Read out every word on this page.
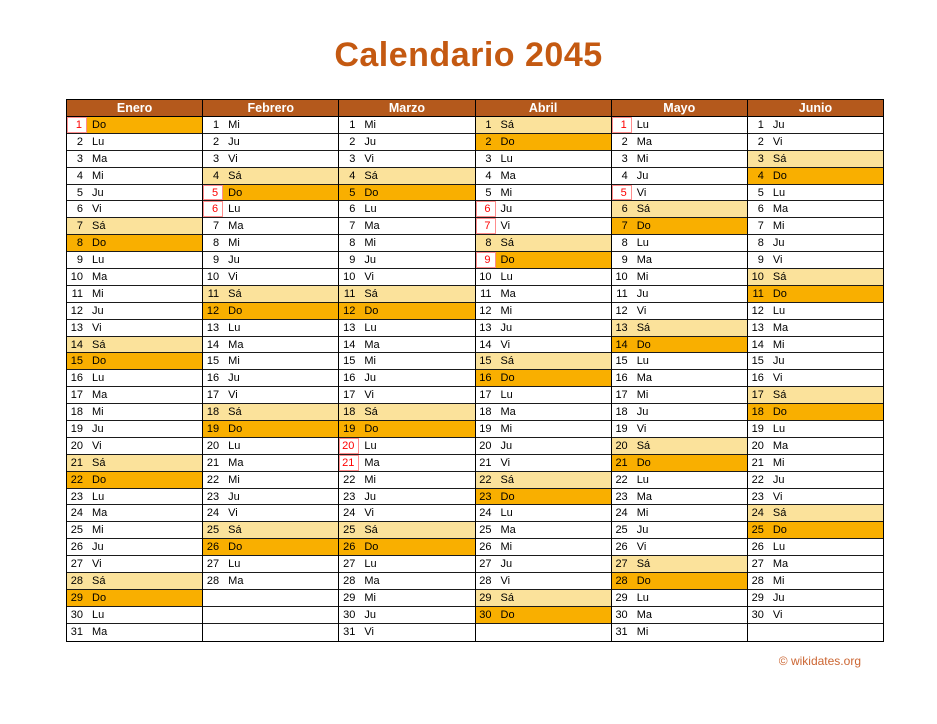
Calendario 2045
Enero
1 Do
2 Lu
3 Ma
4 Mi
5 Ju
6 Vi
7 Sá
8 Do
9 Lu
10 Ma
11 Mi
12 Ju
13 Vi
14 Sá
15 Do
16 Lu
17 Ma
18 Mi
19 Ju
20 Vi
21 Sá
22 Do
23 Lu
24 Ma
25 Mi
26 Ju
27 Vi
28 Sá
29 Do
30 Lu
31 Ma
Febrero
1 Mi
2 Ju
3 Vi
4 Sá
5 Do
6 Lu
7 Ma
8 Mi
9 Ju
10 Vi
11 Sá
12 Do
13 Lu
14 Ma
15 Mi
16 Ju
17 Vi
18 Sá
19 Do
20 Lu
21 Ma
22 Mi
23 Ju
24 Vi
25 Sá
26 Do
27 Lu
28 Ma
Marzo
1 Mi
2 Ju
3 Vi
4 Sá
5 Do
6 Lu
7 Ma
8 Mi
9 Ju
10 Vi
11 Sá
12 Do
13 Lu
14 Ma
15 Mi
16 Ju
17 Vi
18 Sá
19 Do
20 Lu
21 Ma
22 Mi
23 Ju
24 Vi
25 Sá
26 Do
27 Lu
28 Ma
29 Mi
30 Ju
31 Vi
Abril
1 Sá
2 Do
3 Lu
4 Ma
5 Mi
6 Ju
7 Vi
8 Sá
9 Do
10 Lu
11 Ma
12 Mi
13 Ju
14 Vi
15 Sá
16 Do
17 Lu
18 Ma
19 Mi
20 Ju
21 Vi
22 Sá
23 Do
24 Lu
25 Ma
26 Mi
27 Ju
28 Vi
29 Sá
30 Do
Mayo
1 Lu
2 Ma
3 Mi
4 Ju
5 Vi
6 Sá
7 Do
8 Lu
9 Ma
10 Mi
11 Ju
12 Vi
13 Sá
14 Do
15 Lu
16 Ma
17 Mi
18 Ju
19 Vi
20 Sá
21 Do
22 Lu
23 Ma
24 Mi
25 Ju
26 Vi
27 Sá
28 Do
29 Lu
30 Ma
31 Mi
Junio
1 Ju
2 Vi
3 Sá
4 Do
5 Lu
6 Ma
7 Mi
8 Ju
9 Vi
10 Sá
11 Do
12 Lu
13 Ma
14 Mi
15 Ju
16 Vi
17 Sá
18 Do
19 Lu
20 Ma
21 Mi
22 Ju
23 Vi
24 Sá
25 Do
26 Lu
27 Ma
28 Mi
29 Ju
30 Vi
© wikidates.org
